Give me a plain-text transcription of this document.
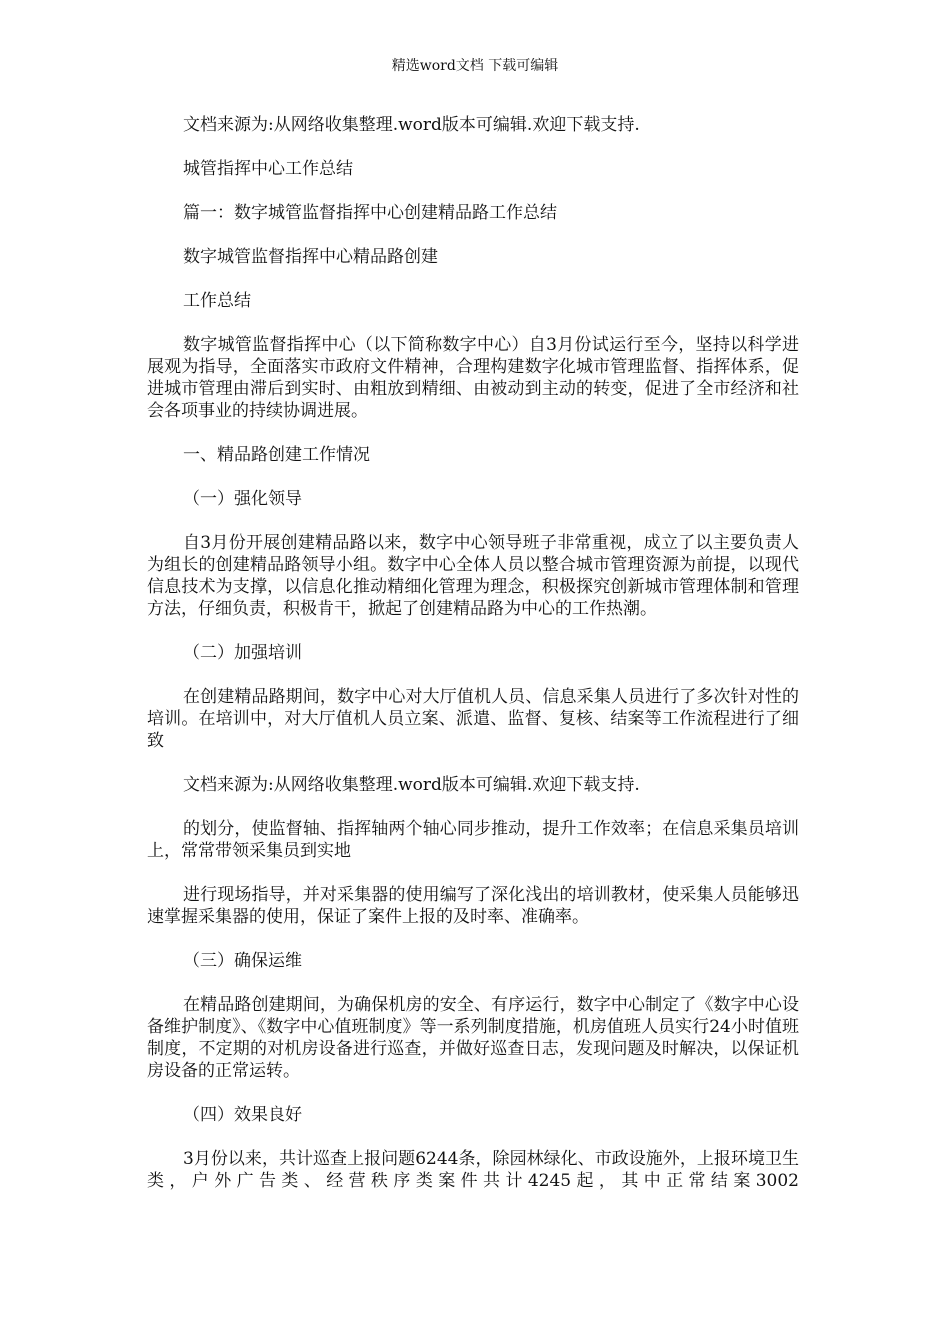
精选word文档 下载可编辑

文档来源为:从网络收集整理.word版本可编辑.欢迎下载支持.

城管指挥中心工作总结

篇一：数字城管监督指挥中心创建精品路工作总结

数字城管监督指挥中心精品路创建

工作总结

数字城管监督指挥中心（以下简称数字中心）自3月份试运行至今，坚持以科学进展观为指导，全面落实市政府文件精神，合理构建数字化城市管理监督、指挥体系，促进城市管理由滞后到实时、由粗放到精细、由被动到主动的转变，促进了全市经济和社会各项事业的持续协调进展。

一、精品路创建工作情况

（一）强化领导

自3月份开展创建精品路以来，数字中心领导班子非常重视，成立了以主要负责人为组长的创建精品路领导小组。数字中心全体人员以整合城市管理资源为前提，以现代信息技术为支撑，以信息化推动精细化管理为理念，积极探究创新城市管理体制和管理方法，仔细负责，积极肯干，掀起了创建精品路为中心的工作热潮。

（二）加强培训

在创建精品路期间，数字中心对大厅值机人员、信息采集人员进行了多次针对性的培训。在培训中，对大厅值机人员立案、派遣、监督、复核、结案等工作流程进行了细致

文档来源为:从网络收集整理.word版本可编辑.欢迎下载支持.

的划分，使监督轴、指挥轴两个轴心同步推动，提升工作效率；在信息采集员培训上，常常带领采集员到实地

进行现场指导，并对采集器的使用编写了深化浅出的培训教材，使采集人员能够迅速掌握采集器的使用，保证了案件上报的及时率、准确率。

（三）确保运维

在精品路创建期间，为确保机房的安全、有序运行，数字中心制定了《数字中心设备维护制度》、《数字中心值班制度》等一系列制度措施，机房值班人员实行24小时值班制度，不定期的对机房设备进行巡查，并做好巡查日志，发现问题及时解决，以保证机房设备的正常运转。

（四）效果良好

3月份以来，共计巡查上报问题6244条，除园林绿化、市政设施外，上报环境卫生类，户外广告类、经营秩序类案件共计4245起，其中正常结案3002
